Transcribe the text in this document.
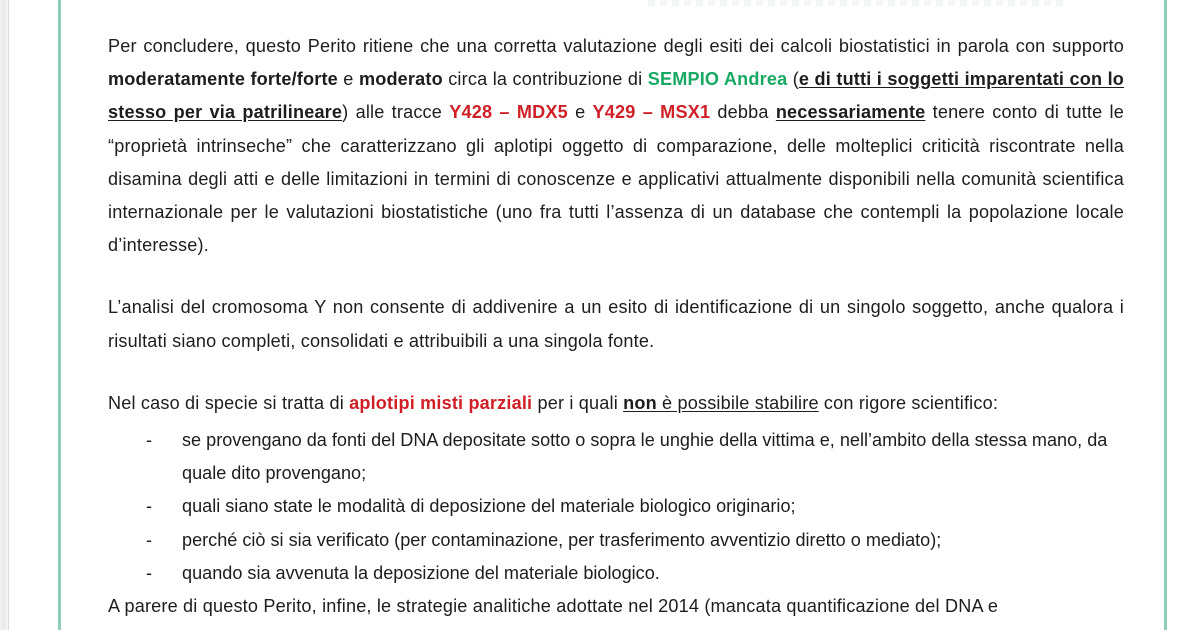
Per concludere, questo Perito ritiene che una corretta valutazione degli esiti dei calcoli biostatistici in parola con supporto moderatamente forte/forte e moderato circa la contribuzione di SEMPIO Andrea (e di tutti i soggetti imparentati con lo stesso per via patrilineare) alle tracce Y428 – MDX5 e Y429 – MSX1 debba necessariamente tenere conto di tutte le “proprietà intrinseche” che caratterizzano gli aplotipi oggetto di comparazione, delle molteplici criticità riscontrate nella disamina degli atti e delle limitazioni in termini di conoscenze e applicativi attualmente disponibili nella comunità scientifica internazionale per le valutazioni biostatistiche (uno fra tutti l’assenza di un database che contempli la popolazione locale d’interesse).

L’analisi del cromosoma Y non consente di addivenire a un esito di identificazione di un singolo soggetto, anche qualora i risultati siano completi, consolidati e attribuibili a una singola fonte.

Nel caso di specie si tratta di aplotipi misti parziali per i quali non è possibile stabilire con rigore scientifico:

- se provengano da fonti del DNA depositate sotto o sopra le unghie della vittima e, nell’ambito della stessa mano, da quale dito provengano;
- quali siano state le modalità di deposizione del materiale biologico originario;
- perché ciò si sia verificato (per contaminazione, per trasferimento avventizio diretto o mediato);
- quando sia avvenuta la deposizione del materiale biologico.

A parere di questo Perito, infine, le strategie analitiche adottate nel 2014 (mancata quantificazione del DNA e
